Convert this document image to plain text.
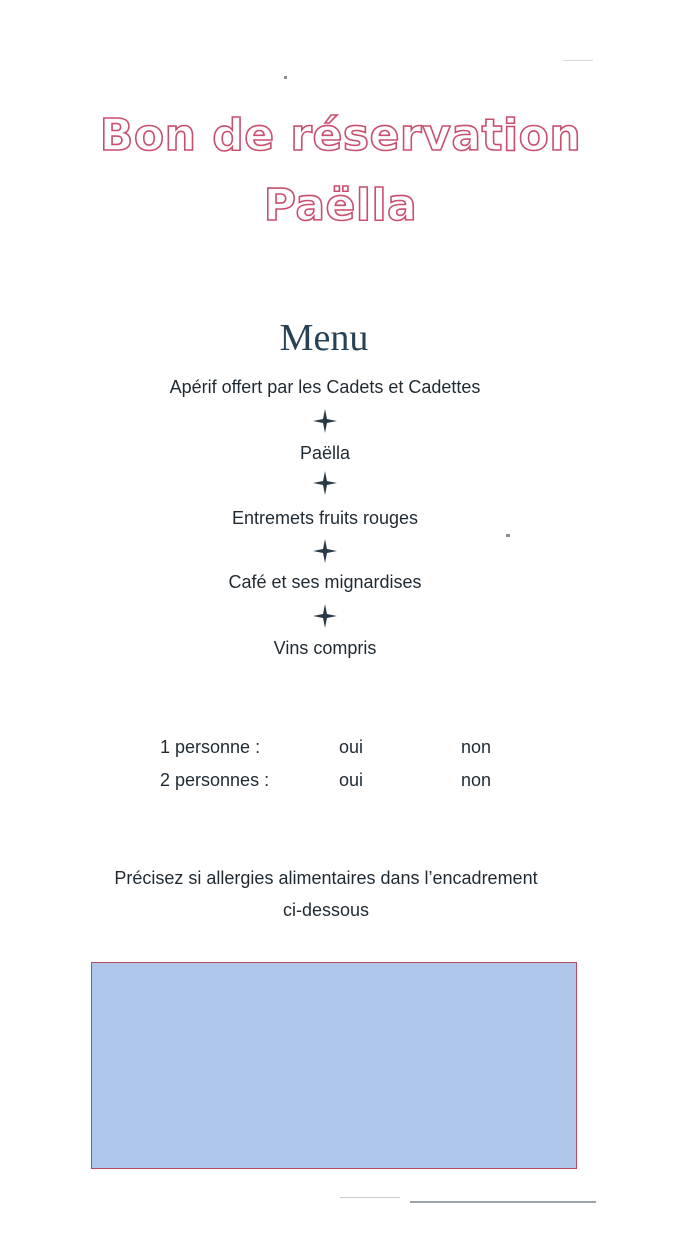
Bon de réservation
Paëlla
Menu
Apérif offert par les Cadets et Cadettes
Paëlla
Entremets fruits rouges
Café et ses mignardises
Vins compris
1 personne :	oui	non
2 personnes :	oui	non
Précisez si allergies alimentaires dans l’encadrement
ci-dessous
